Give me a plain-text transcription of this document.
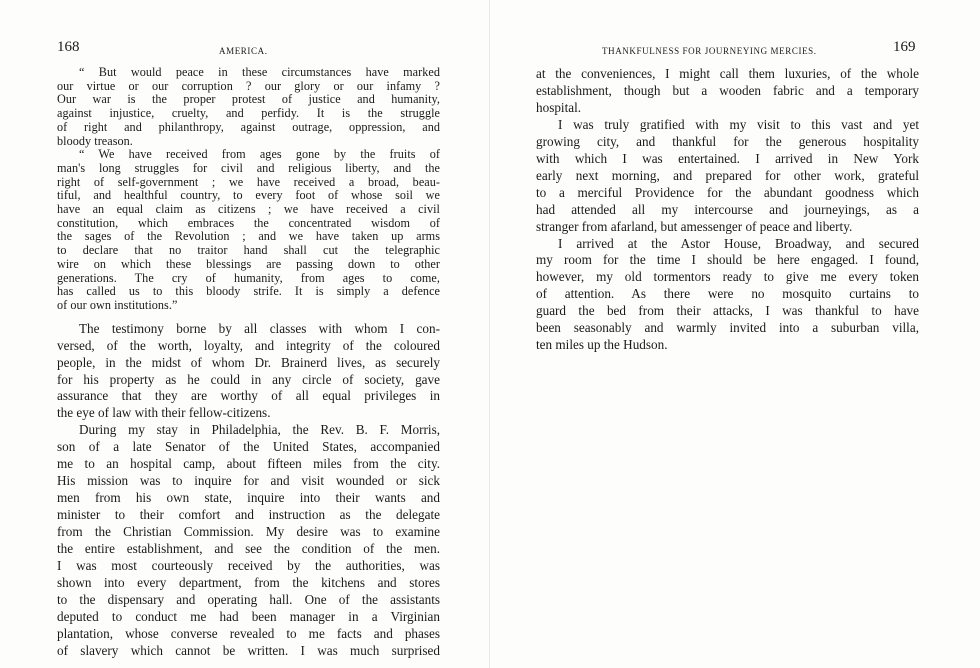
168	AMERICA.
“ But would peace in these circumstances have marked
our virtue or our corruption ? our glory or our infamy ?
Our war is the proper protest of justice and humanity,
against injustice, cruelty, and perfidy. It is the struggle
of right and philanthropy, against outrage, oppression, and
bloody treason.
“ We have received from ages gone by the fruits of
man's long struggles for civil and religious liberty, and the
right of self-government ; we have received a broad, beau-
tiful, and healthful country, to every foot of whose soil we
have an equal claim as citizens ; we have received a civil
constitution, which embraces the concentrated wisdom of
the sages of the Revolution ; and we have taken up arms
to declare that no traitor hand shall cut the telegraphic
wire on which these blessings are passing down to other
generations. The cry of humanity, from ages to come,
has called us to this bloody strife. It is simply a defence
of our own institutions.”
The testimony borne by all classes with whom I con-
versed, of the worth, loyalty, and integrity of the coloured
people, in the midst of whom Dr. Brainerd lives, as securely
for his property as he could in any circle of society, gave
assurance that they are worthy of all equal privileges in
the eye of law with their fellow-citizens.
During my stay in Philadelphia, the Rev. B. F. Morris,
son of a late Senator of the United States, accompanied
me to an hospital camp, about fifteen miles from the city.
His mission was to inquire for and visit wounded or sick
men from his own state, inquire into their wants and
minister to their comfort and instruction as the delegate
from the Christian Commission. My desire was to examine
the entire establishment, and see the condition of the men.
I was most courteously received by the authorities, was
shown into every department, from the kitchens and stores
to the dispensary and operating hall. One of the assistants
deputed to conduct me had been manager in a Virginian
plantation, whose converse revealed to me facts and phases
of slavery which cannot be written. I was much surprised
THANKFULNESS FOR JOURNEYING MERCIES.	169
at the conveniences, I might call them luxuries, of the whole
establishment, though but a wooden fabric and a temporary
hospital.
I was truly gratified with my visit to this vast and yet
growing city, and thankful for the generous hospitality
with which I was entertained. I arrived in New York
early next morning, and prepared for other work, grateful
to a merciful Providence for the abundant goodness which
had attended all my intercourse and journeyings, as a
stranger from afarland, but amessenger of peace and liberty.
I arrived at the Astor House, Broadway, and secured
my room for the time I should be here engaged. I found,
however, my old tormentors ready to give me every token
of attention. As there were no mosquito curtains to
guard the bed from their attacks, I was thankful to have
been seasonably and warmly invited into a suburban villa,
ten miles up the Hudson.
